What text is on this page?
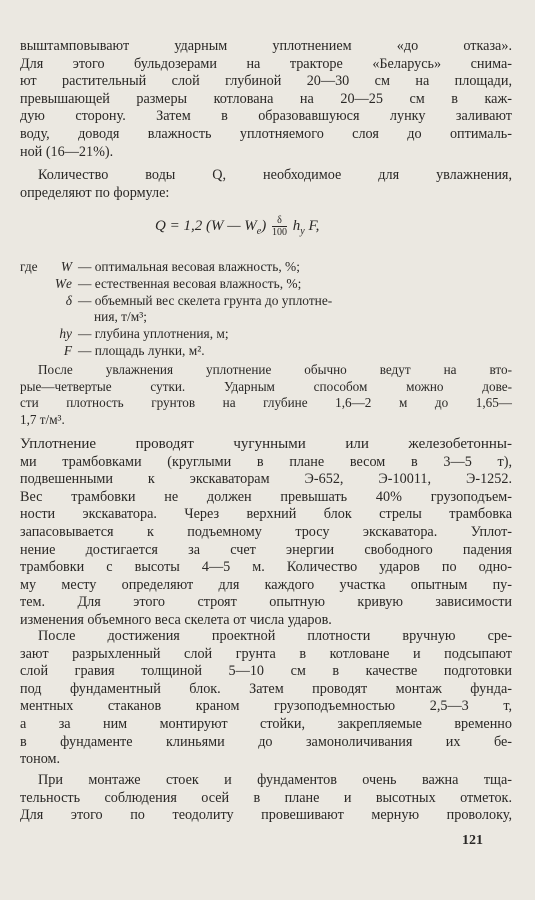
выштамповывают ударным уплотнением «до отказа».
Для этого бульдозерами на тракторе «Беларусь» снима-
ют растительный слой глубиной 20—30 см на площади,
превышающей размеры котлована на 20—25 см в каж-
дую сторону. Затем в образовавшуюся лунку заливают
воду, доводя влажность уплотняемого слоя до оптималь-
ной (16—21%).
Количество воды Q, необходимое для увлажнения,
определяют по формуле:
Q = 1,2 (W — $W_е) \frac{\delta}{100} h_у$ F,
где W — оптимальная весовая влажность, %;
Wе — естественная весовая влажность, %;
δ — объемный вес скелета грунта до уплотне-
ния, т/м³;
hу — глубина уплотнения, м;
F — площадь лунки, м².
После увлажнения уплотнение обычно ведут на вто-
рые—четвертые сутки. Ударным способом можно дове-
сти плотность грунтов на глубине 1,6—2 м до 1,65—
1,7 т/м³.
Уплотнение проводят чугунными или железобетонны-
ми трамбовками (круглыми в плане весом в 3—5 т),
подвешенными к экскаваторам Э-652, Э-10011, Э-1252.
Вес трамбовки не должен превышать 40% грузоподъем-
ности экскаватора. Через верхний блок стрелы трамбовка
запасовывается к подъемному тросу экскаватора. Уплот-
нение достигается за счет энергии свободного падения
трамбовки с высоты 4—5 м. Количество ударов по одно-
му месту определяют для каждого участка опытным пу-
тем. Для этого строят опытную кривую зависимости
изменения объемного веса скелета от числа ударов.
После достижения проектной плотности вручную сре-
зают разрыхленный слой грунта в котловане и подсыпают
слой гравия толщиной 5—10 см в качестве подготовки
под фундаментный блок. Затем проводят монтаж фунда-
ментных стаканов краном грузоподъемностью 2,5—3 т,
а за ним монтируют стойки, закрепляемые временно
в фундаменте клиньями до замоноличивания их бе-
тоном.
При монтаже стоек и фундаментов очень важна тща-
тельность соблюдения осей в плане и высотных отметок.
Для этого по теодолиту провешивают мерную проволоку,
121
